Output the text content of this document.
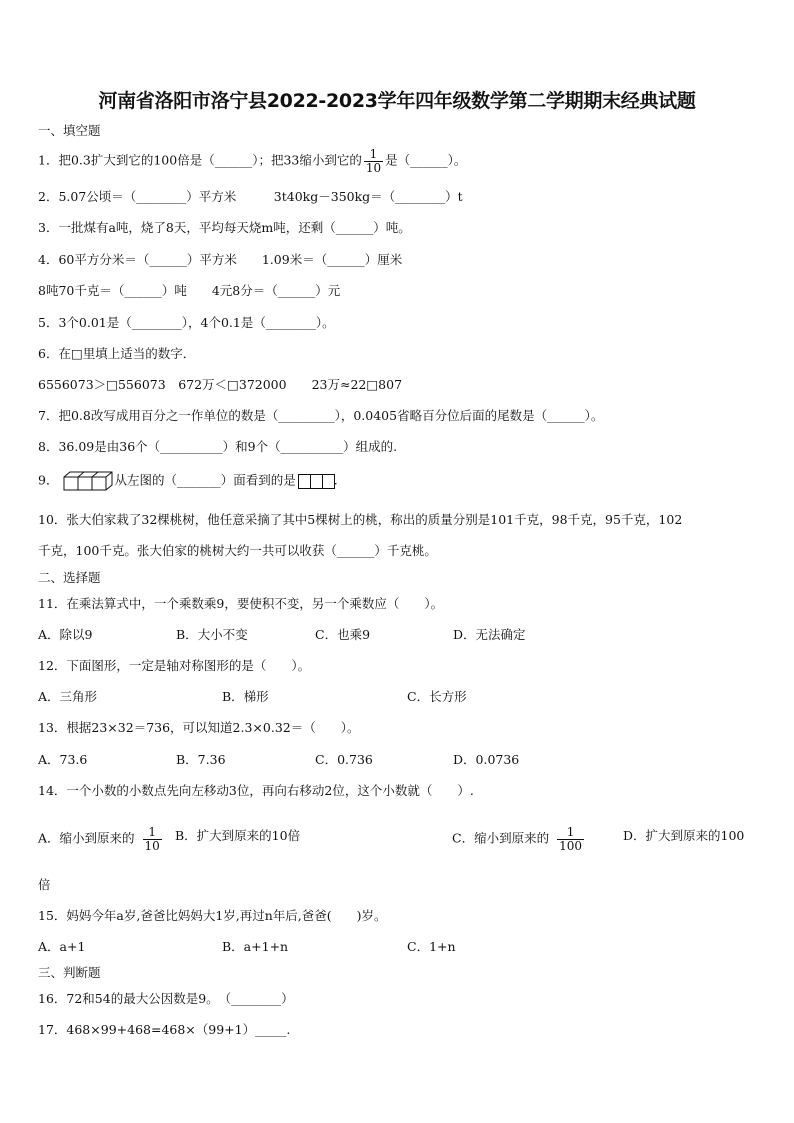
河南省洛阳市洛宁县2022-2023学年四年级数学第二学期期末经典试题
一、填空题
1．把0.3扩大到它的100倍是（______）；把33缩小到它的 $\frac{1}{10}$ 是（______）。
2．5.07公顷＝（________）平方米　　　3t40kg－350kg＝（________）t
3．一批煤有a吨，烧了8天，平均每天烧m吨，还剩（______）吨。
4．60平方分米＝（______）平方米　　1.09米＝（______）厘米
8吨70千克＝（______）吨　　4元8分＝（______）元
5．3个0.01是（________），4个0.1是（________）。
6．在□里填上适当的数字．
6556073＞□556073　672万＜□372000　　23万≈22□807
7．把0.8改写成用百分之一作单位的数是（_________），0.0405省略百分位后面的尾数是（______）。
8．36.09是由36个（__________）和9个（__________）组成的.
9．	从左图的（_______）面看到的是	.
10．张大伯家栽了32棵桃树，他任意采摘了其中5棵树上的桃，称出的质量分别是101千克，98千克，95千克，102
千克，100千克。张大伯家的桃树大约一共可以收获（______）千克桃。
二、选择题
11．在乘法算式中，一个乘数乘9，要使积不变，另一个乘数应（　　）。
A．除以9	B．大小不变	C．也乘9	D．无法确定
12．下面图形，一定是轴对称图形的是（　　）。
A．三角形	B．梯形	C．长方形
13．根据23×32＝736，可以知道2.3×0.32＝（　　）。
A．73.6	B．7.36	C．0.736	D．0.0736
14．一个小数的小数点先向左移动3位，再向右移动2位，这个小数就（　　）.
A．缩小到原来的 $\frac{1}{10}$ B．扩大到原来的10倍	C．缩小到原来的 $\frac{1}{100}$	D．扩大到原来的100
倍
15．妈妈今年a岁,爸爸比妈妈大1岁,再过n年后,爸爸(　　)岁。
A．a+1	B．a+1+n	C．1+n
三、判断题
16．72和54的最大公因数是9。　（________）
17．468×99+468=468×（99+1）_____.
